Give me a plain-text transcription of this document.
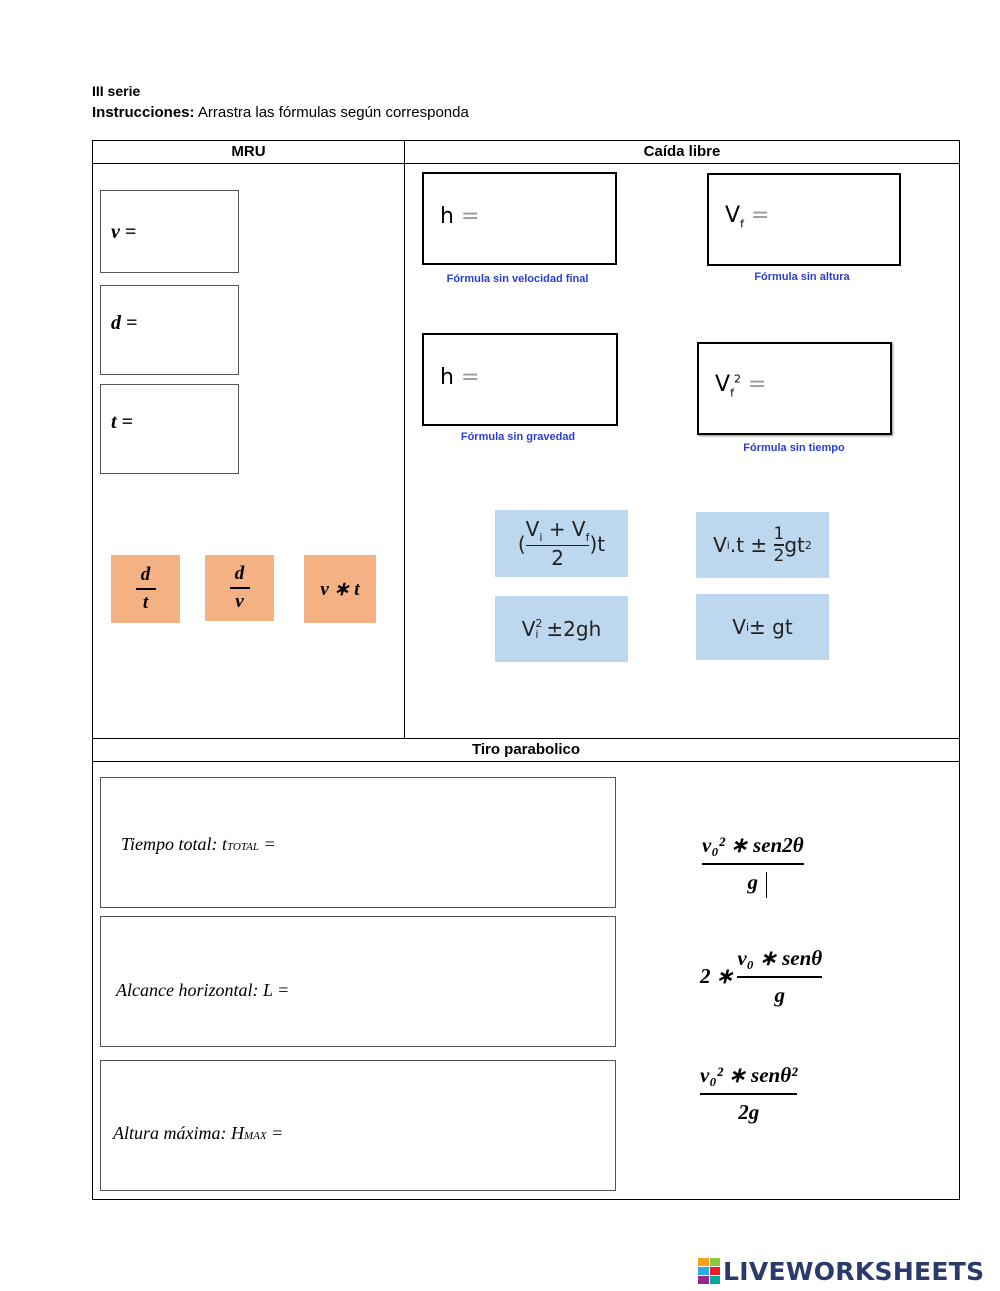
III serie
Instrucciones: Arrastra las fórmulas según corresponda
MRU	Caída libre
Tiro parabolico
v =
d =
t =
$\frac{d}{t}$	$\frac{d}{v}$	v ∗ t
h =
Fórmula sin velocidad final
$V_f$ =
Fórmula sin altura
h =
Fórmula sin gravedad
$V_f^2$ =
Fórmula sin tiempo
(
$V_i + V_f$
2
)t	V i .t ±
1
2 gt 2
V 2
i ±2gh	V i ± gt
Tiempo total: tTOTAL =
Alcance horizontal: L =
Altura máxima: HMAX =
v₀² ∗ sen2θ
g
2 ∗
v₀ ∗ senθ
g
v₀² ∗ senθ²
2g
LIVEWORKSHEETS
